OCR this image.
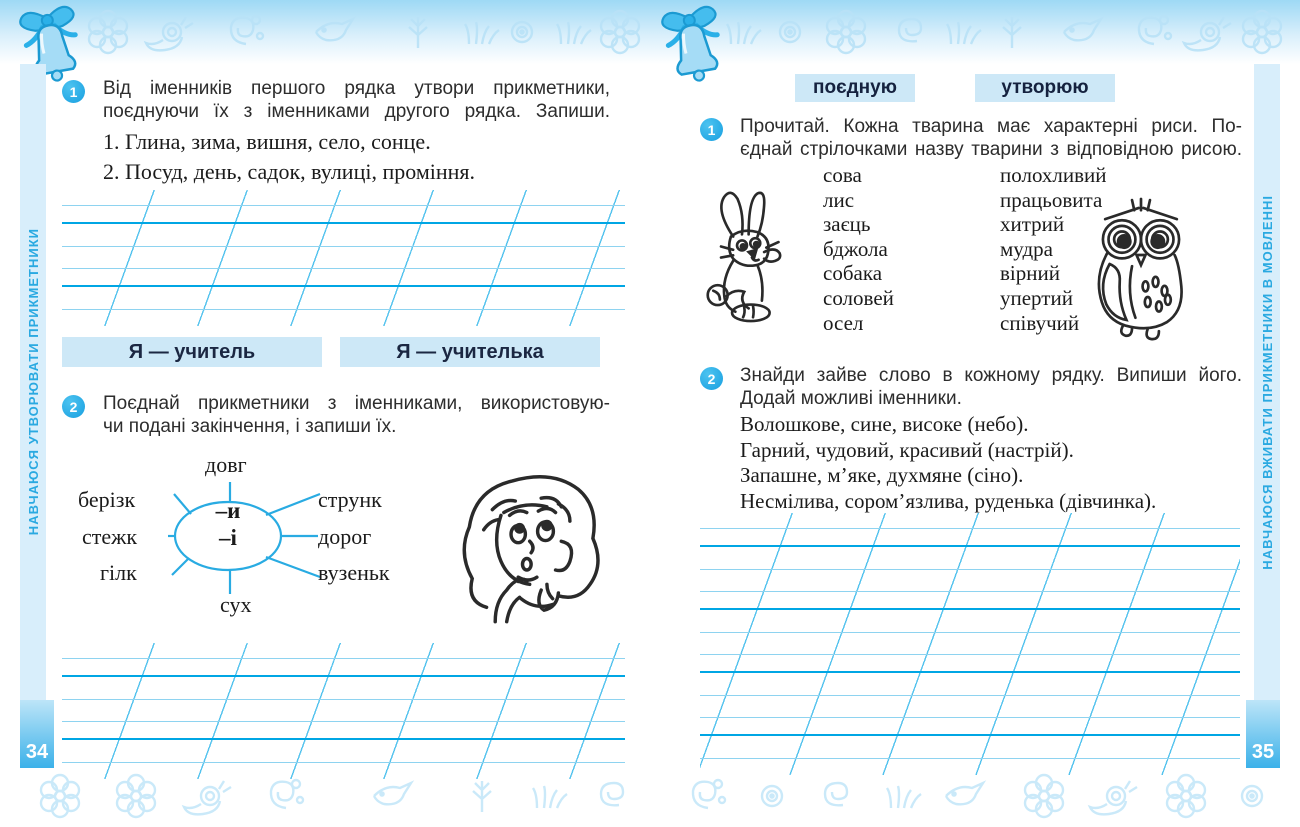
НАВЧАЮСЯ УТВОРЮВАТИ ПРИКМЕТНИКИ	НАВЧАЮСЯ ВЖИВАТИ ПРИКМЕТНИКИ В МОВЛЕННІ
34	35
1	Від іменників першого рядка утвори прикметники,
поєднуючи їх з іменниками другого рядка. Запиши.
1. Глина, зима, вишня, село, сонце.
2. Посуд, день, садок, вулиці, проміння.
Я — учитель	Я — учителька
2	Поєднай прикметники з іменниками, використовую-
чи подані закінчення, і запиши їх.
–и
–і
довг
берізк
стежк
гілк
струнк
дорог
вузеньк
сух
поєдную	утворюю
1	Прочитай. Кожна тварина має характерні риси. По-
єднай стрілочками назву тварини з відповідною рисою.
сова
лис
заєць
бджола
собака
соловей
осел
полохливий
працьовита
хитрий
мудра
вірний
упертий
співучий
2	Знайди зайве слово в кожному рядку. Випиши його.
Додай можливі іменники.
Волошкове, сине, високе (небо).
Гарний, чудовий, красивий (настрій).
Запашне, м’яке, духмяне (сіно).
Несмілива, сором’язлива, руденька (дівчинка).
